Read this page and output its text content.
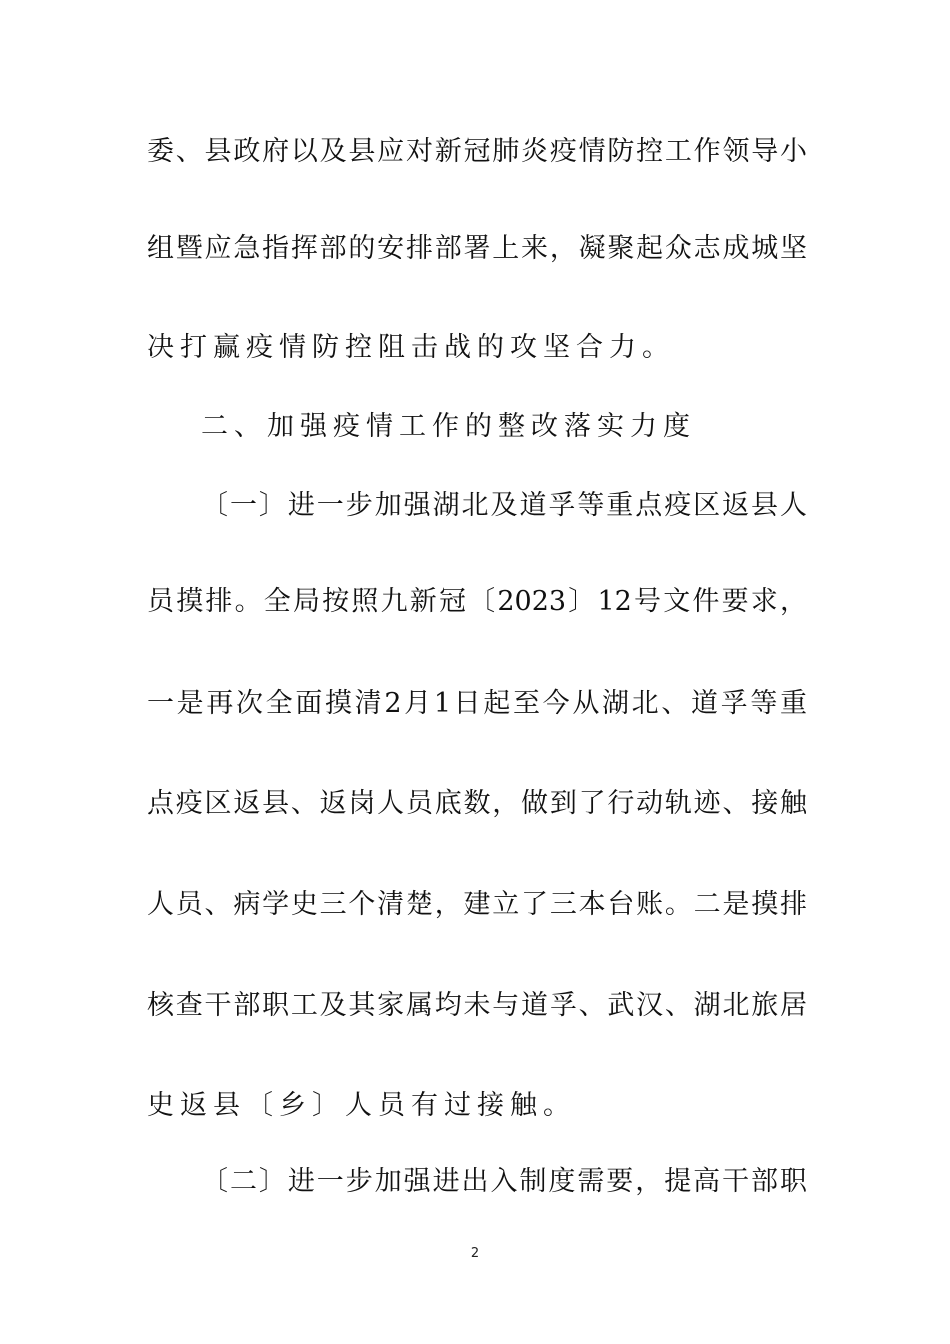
委、县政府以及县应对新冠肺炎疫情防控工作领导小
组暨应急指挥部的安排部署上来，凝聚起众志成城坚
决打赢疫情防控阻击战的攻坚合力。
二、加强疫情工作的整改落实力度
〔一〕进一步加强湖北及道孚等重点疫区返县人
员摸排。全局按照九新冠〔2023〕12号文件要求，
一是再次全面摸清2月1日起至今从湖北、道孚等重
点疫区返县、返岗人员底数，做到了行动轨迹、接触
人员、病学史三个清楚，建立了三本台账。二是摸排
核查干部职工及其家属均未与道孚、武汉、湖北旅居
史返县〔乡〕人员有过接触。
〔二〕进一步加强进出入制度需要，提高干部职
2
